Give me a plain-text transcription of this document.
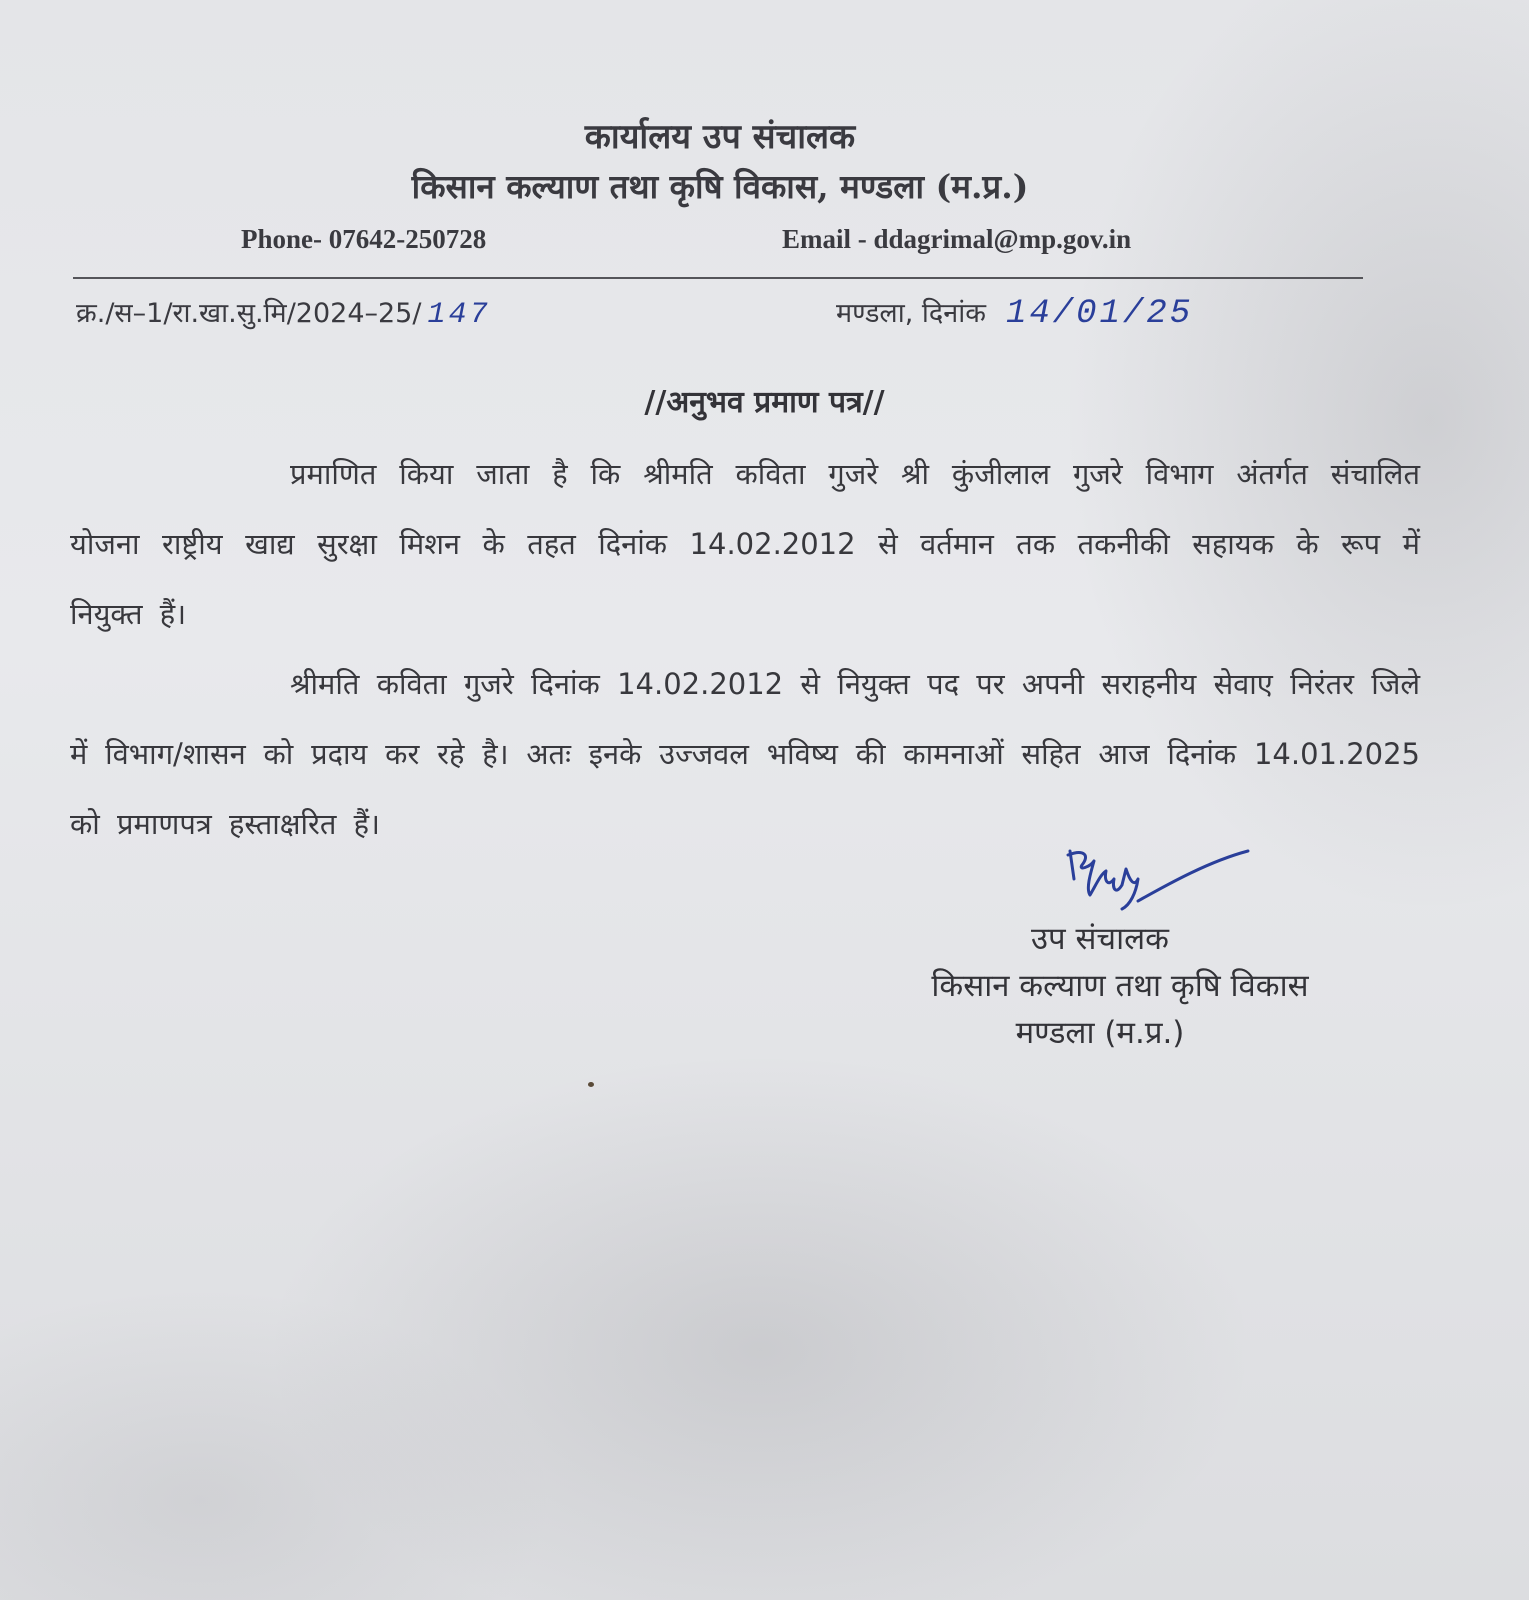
कार्यालय उप संचालक
किसान कल्याण तथा कृषि विकास, मण्डला (म.प्र.)
Phone- 07642-250728	Email - ddagrimal@mp.gov.in
क्र./स–1/रा.खा.सु.मि/2024–25/ 147	मण्डला, दिनांक 14/01/25
//अनुभव प्रमाण पत्र//
प्रमाणित किया जाता है कि श्रीमति कविता गुजरे श्री कुंजीलाल गुजरे विभाग अंतर्गत संचालित योजना राष्ट्रीय खाद्य सुरक्षा मिशन के तहत दिनांक 14.02.2012 से वर्तमान तक तकनीकी सहायक के रूप में नियुक्त हैं।
श्रीमति कविता गुजरे दिनांक 14.02.2012 से नियुक्त पद पर अपनी सराहनीय सेवाए निरंतर जिले में विभाग/शासन को प्रदाय कर रहे है। अतः इनके उज्जवल भविष्य की कामनाओं सहित आज दिनांक 14.01.2025 को प्रमाणपत्र हस्ताक्षरित हैं।
उप संचालक
किसान कल्याण तथा कृषि विकास
मण्डला (म.प्र.)
